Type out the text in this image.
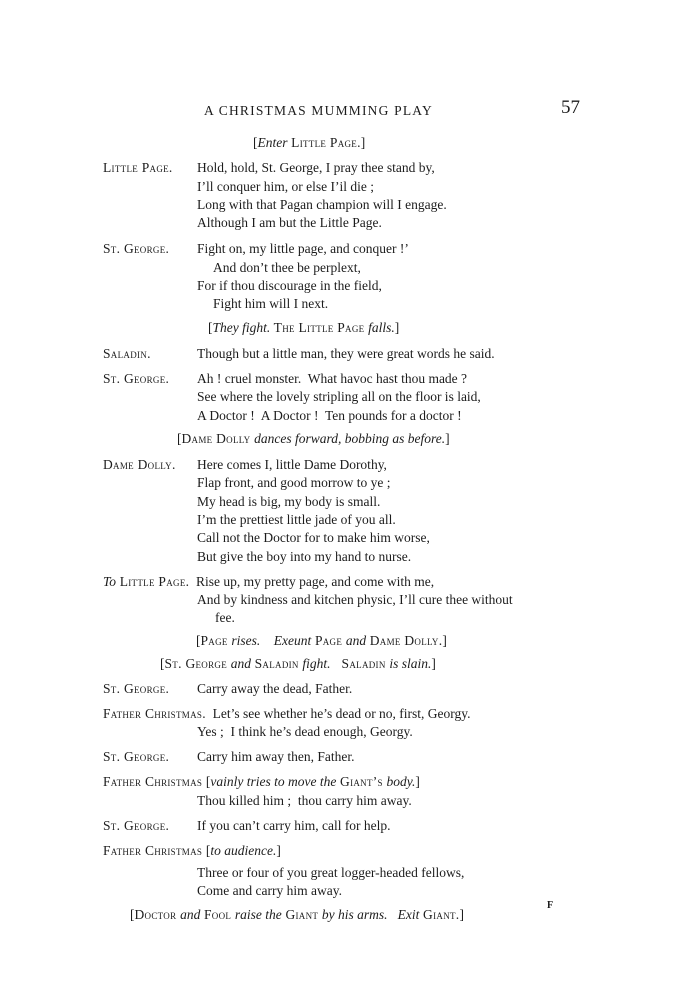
A CHRISTMAS MUMMING PLAY	57
[Enter Little Page.]
Little Page. Hold, hold, St. George, I pray thee stand by,
I’ll conquer him, or else I’il die ;
Long with that Pagan champion will I engage.
Although I am but the Little Page.
St. George. Fight on, my little page, and conquer !’
And don’t thee be perplext,
For if thou discourage in the field,
Fight him will I next.
[They fight. The Little Page falls.]
Saladin.	Though but a little man, they were great words he said.
St. George. Ah ! cruel monster.  What havoc hast thou made ?
See where the lovely stripling all on the floor is laid,
A Doctor !  A Doctor !  Ten pounds for a doctor !
[Dame Dolly dances forward, bobbing as before.]
Dame Dolly. Here comes I, little Dame Dorothy,
Flap front, and good morrow to ye ;
My head is big, my body is small.
I’m the prettiest little jade of you all.
Call not the Doctor for to make him worse,
But give the boy into my hand to nurse.
To Little Page.  Rise up, my pretty page, and come with me,
And by kindness and kitchen physic, I’ll cure thee without
fee.
[Page rises. Exeunt Page and Dame Dolly.]
[St. George and Saladin fight.   Saladin is slain.]
St. George. Carry away the dead, Father.
Father Christmas.  Let’s see whether he’s dead or no, first, Georgy.
Yes ;  I think he’s dead enough, Georgy.
St. George. Carry him away then, Father.
Father Christmas [vainly tries to move the Giant’s body.]
Thou killed him ;  thou carry him away.
St. George. If you can’t carry him, call for help.
Father Christmas [to audience.]
Three or four of you great logger-headed fellows,
Come and carry him away.
[Doctor and Fool raise the Giant by his arms. Exit Giant.]
F
